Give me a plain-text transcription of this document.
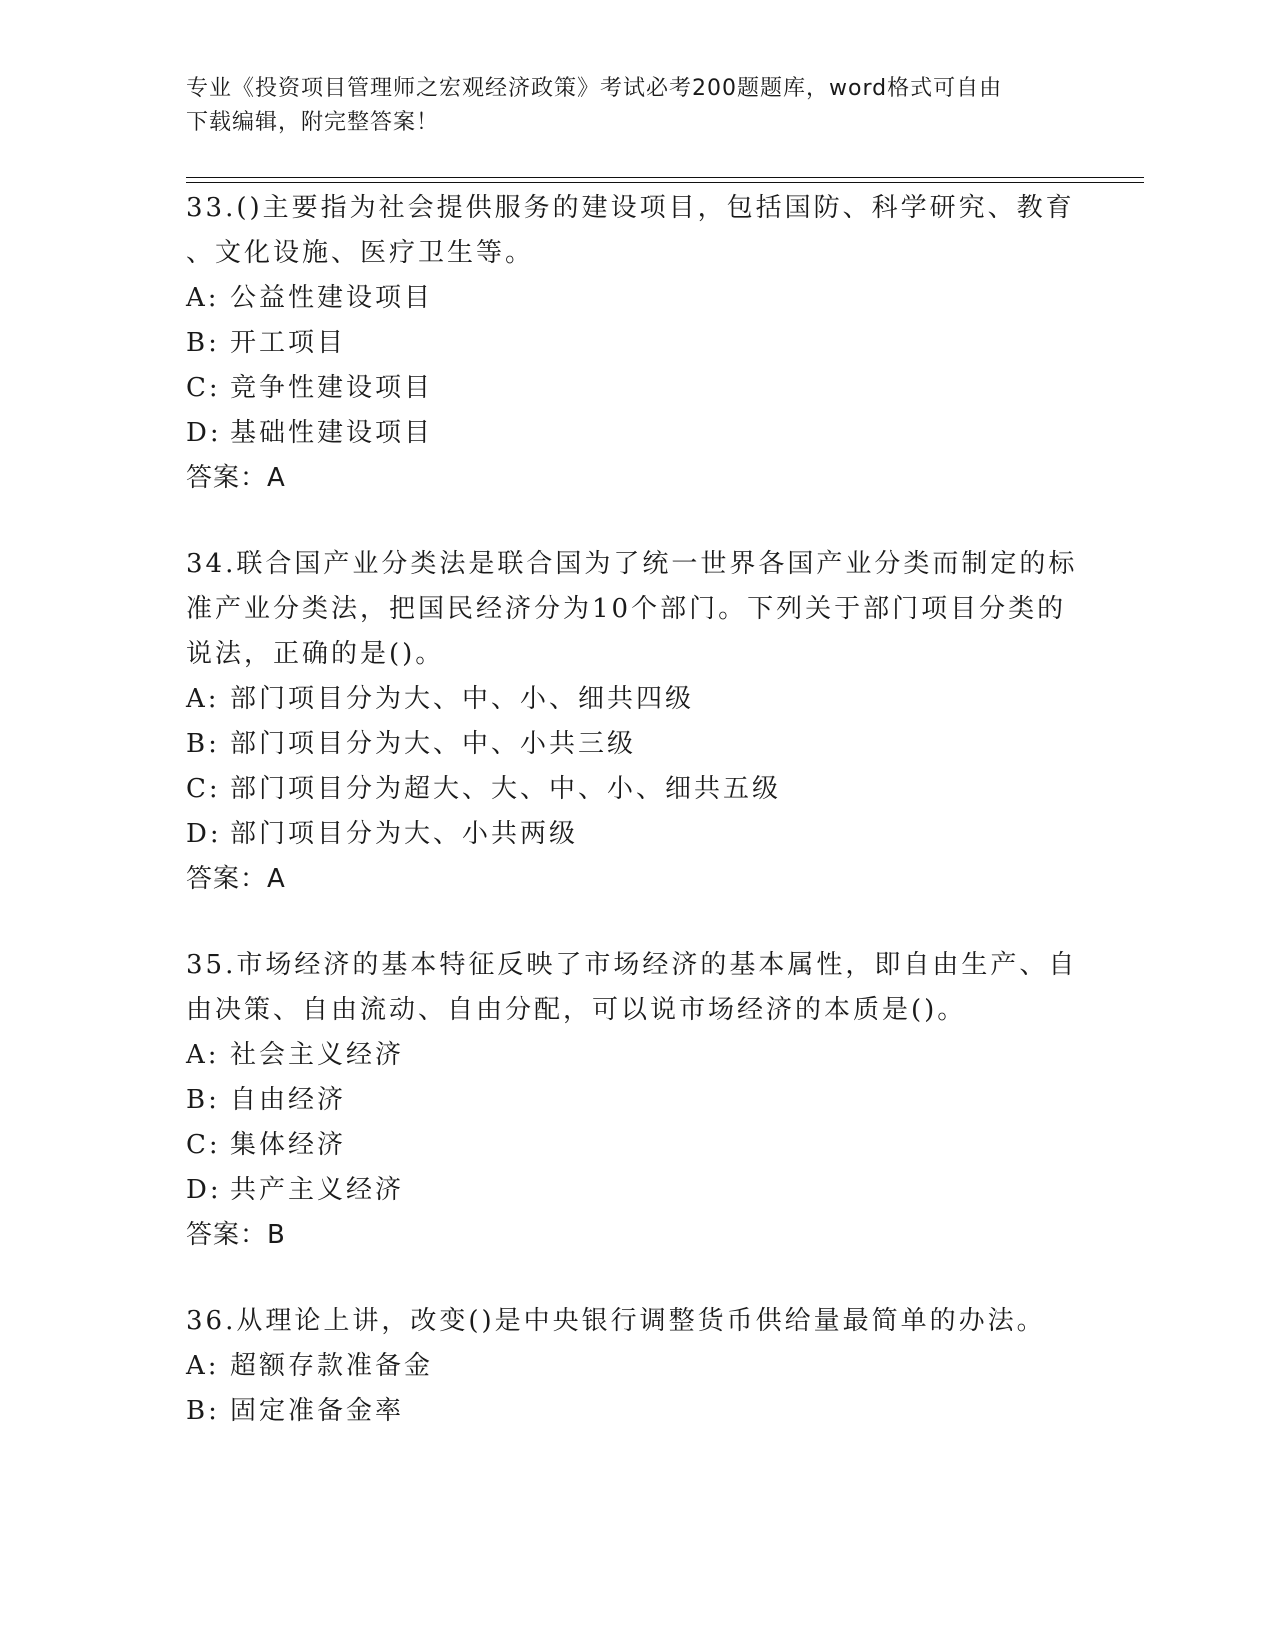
专业《投资项目管理师之宏观经济政策》考试必考200题题库，word格式可自由
下载编辑，附完整答案！
33.()主要指为社会提供服务的建设项目，包括国防、科学研究、教育
、文化设施、医疗卫生等。
A: 公益性建设项目
B: 开工项目
C: 竞争性建设项目
D: 基础性建设项目
答案：A
34.联合国产业分类法是联合国为了统一世界各国产业分类而制定的标
准产业分类法，把国民经济分为10个部门。下列关于部门项目分类的
说法，正确的是()。
A: 部门项目分为大、中、小、细共四级
B: 部门项目分为大、中、小共三级
C: 部门项目分为超大、大、中、小、细共五级
D: 部门项目分为大、小共两级
答案：A
35.市场经济的基本特征反映了市场经济的基本属性，即自由生产、自
由决策、自由流动、自由分配，可以说市场经济的本质是()。
A: 社会主义经济
B: 自由经济
C: 集体经济
D: 共产主义经济
答案：B
36.从理论上讲，改变()是中央银行调整货币供给量最简单的办法。
A: 超额存款准备金
B: 固定准备金率
